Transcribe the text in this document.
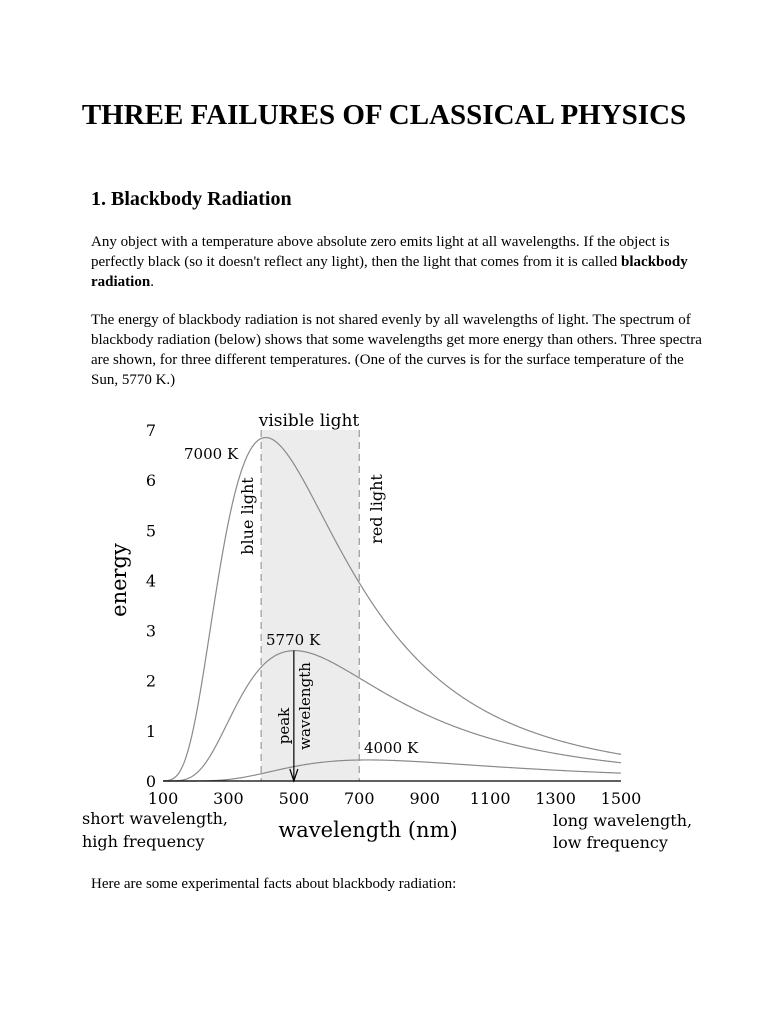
THREE FAILURES OF CLASSICAL PHYSICS
1. Blackbody Radiation

Any object with a temperature above absolute zero emits light at all wavelengths. If the object is perfectly black (so it doesn't reflect any light), then the light that comes from it is called blackbody radiation.

The energy of blackbody radiation is not shared evenly by all wavelengths of light. The spectrum of blackbody radiation (below) shows that some wavelengths get more energy than others. Three spectra are shown, for three different temperatures. (One of the curves is for the surface temperature of the Sun, 5770 K.)

0
1
2
3
4
5
6
7
100 300 500 700 900 1100 1300 1500
visible light
blue light	red light
7000 K
5770 K
4000 K
peak wavelength
energy
wavelength (nm)
short wavelength,
high frequency
long wavelength,
low frequency

Here are some experimental facts about blackbody radiation:
